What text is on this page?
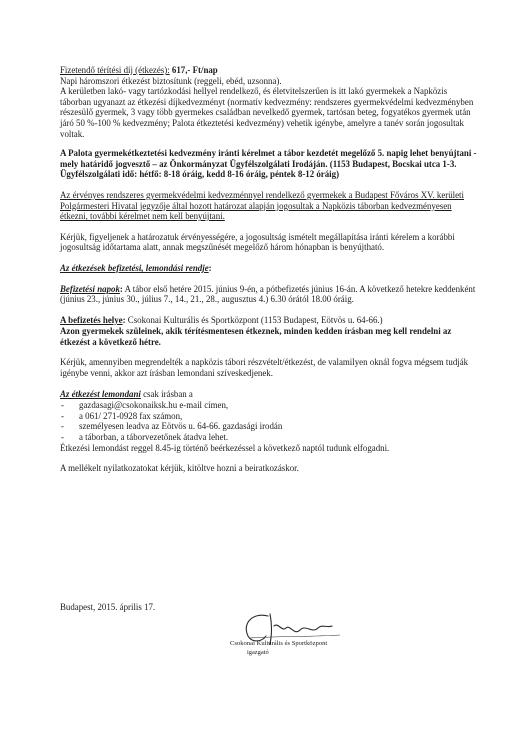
Fizetendő térítési díj (étkezés): 617,- Ft/nap
Napi háromszori étkezést biztosítunk (reggeli, ebéd, uzsonna).
A kerületben lakó- vagy tartózkodási hellyel rendelkező, és életvitelszerűen is itt lakó gyermekek a Napközis táborban ugyanazt az étkezési díjkedvezményt (normatív kedvezmény: rendszeres gyermekvédelmi kedvezményben részesülő gyermek, 3 vagy több gyermekes családban nevelkedő gyermek, tartósan beteg, fogyatékos gyermek után járó 50 %-100 % kedvezmény; Palota étkeztetési kedvezmény) vehetik igénybe, amelyre a tanév során jogosultak voltak.

A Palota gyermekétkeztetési kedvezmény iránti kérelmet a tábor kezdetét megelőző 5. napig lehet benyújtani - mely határidő jogvesztő – az Önkormányzat Ügyfélszolgálati Irodáján. (1153 Budapest, Bocskai utca 1-3. Ügyfélszolgálati idő: hétfő: 8-18 óráig, kedd 8-16 óráig, péntek 8-12 óráig)

Az érvényes rendszeres gyermekvédelmi kedvezménnyel rendelkező gyermekek a Budapest Főváros XV. kerületi Polgármesteri Hivatal jegyzője által hozott határozat alapján jogosultak a Napközis táborban kedvezményesen étkezni, további kérelmet nem kell benyújtani.

Kérjük, figyeljenek a határozatuk érvényességére, a jogosultság ismételt megállapítása iránti kérelem a korábbi jogosultság időtartama alatt, annak megszűnését megelőző három hónapban is benyújtható.

Az étkezések befizetési, lemondási rendje:

Befizetési napok: A tábor első hetére 2015. június 9-én, a pótbefizetés június 16-án. A következő hetekre keddenként (június 23., június 30., július 7., 14., 21., 28., augusztus 4.) 6.30 órától 18.00 óráig.

A befizetés helye: Csokonai Kulturális és Sportközpont (1153 Budapest, Eötvös u. 64-66.)

Azon gyermekek szüleinek, akik térítésmentesen étkeznek, minden kedden írásban meg kell rendelni az étkezést a következő hétre.

Kérjük, amennyiben megrendelték a napközis tábori részvételt/étkezést, de valamilyen oknál fogva mégsem tudják igénybe venni, akkor azt írásban lemondani szíveskedjenek.

Az étkezést lemondani csak írásban a

- gazdasagi@csokonaiksk.hu e-mail címen,
- a 061/ 271-0928 fax számon,
- személyesen leadva az Eötvös u. 64-66. gazdasági irodán
- a táborban, a táborvezetőnek átadva lehet.

Étkezési lemondást reggel 8.45-ig történő beérkezéssel a következő naptól tudunk elfogadni.

A mellékelt nyilatkozatokat kérjük, kitöltve hozni a beiratkozáskor.

Budapest, 2015. április 17.
Csokonai Kulturális és Sportközpont
igazgató
